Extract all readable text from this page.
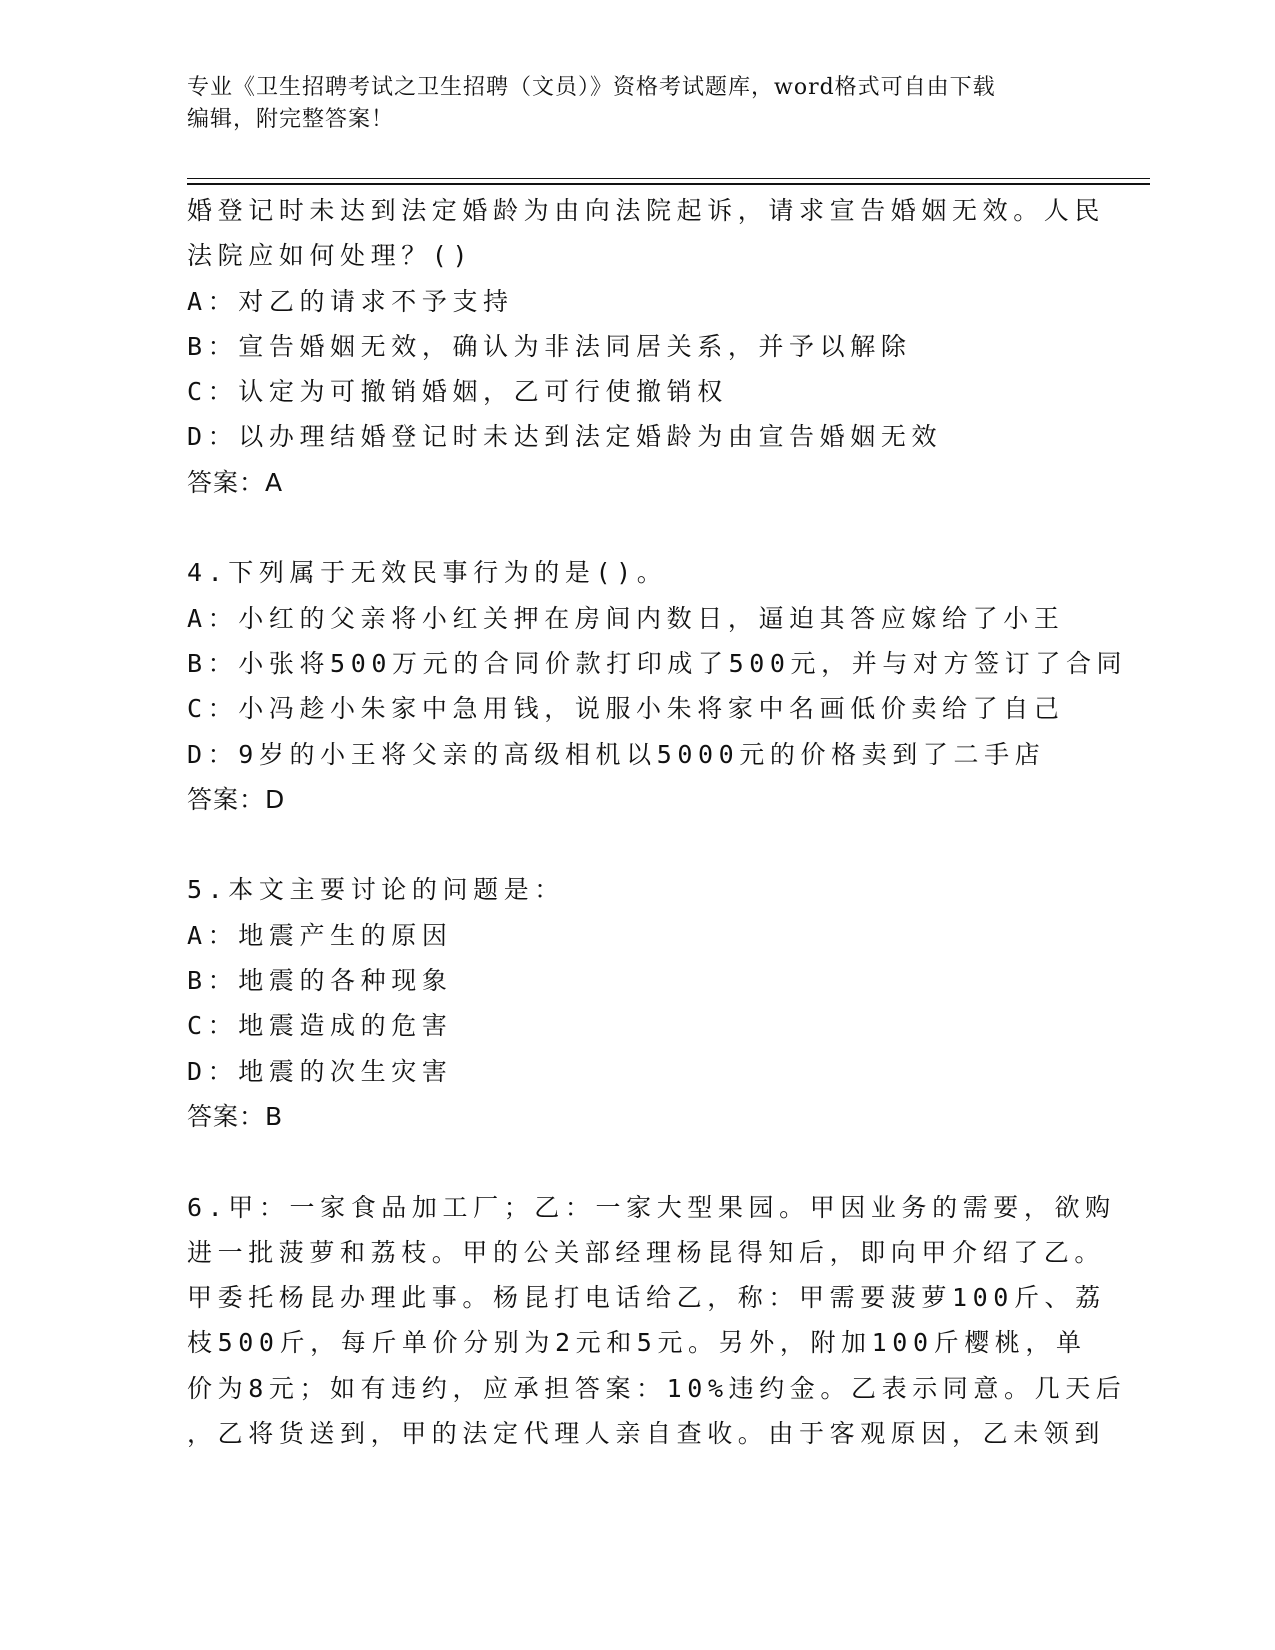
专业《卫生招聘考试之卫生招聘（文员）》资格考试题库，word格式可自由下载
编辑，附完整答案！
婚登记时未达到法定婚龄为由向法院起诉，请求宣告婚姻无效。人民
法院应如何处理？()
A：对乙的请求不予支持
B：宣告婚姻无效，确认为非法同居关系，并予以解除
C：认定为可撤销婚姻，乙可行使撤销权
D：以办理结婚登记时未达到法定婚龄为由宣告婚姻无效
答案：A
4.下列属于无效民事行为的是()。
A：小红的父亲将小红关押在房间内数日，逼迫其答应嫁给了小王
B：小张将500万元的合同价款打印成了500元，并与对方签订了合同
C：小冯趁小朱家中急用钱，说服小朱将家中名画低价卖给了自己
D：9岁的小王将父亲的高级相机以5000元的价格卖到了二手店
答案：D
5.本文主要讨论的问题是：
A：地震产生的原因
B：地震的各种现象
C：地震造成的危害
D：地震的次生灾害
答案：B
6.甲：一家食品加工厂；乙：一家大型果园。甲因业务的需要，欲购
进一批菠萝和荔枝。甲的公关部经理杨昆得知后，即向甲介绍了乙。
甲委托杨昆办理此事。杨昆打电话给乙，称：甲需要菠萝100斤、荔
枝500斤，每斤单价分别为2元和5元。另外，附加100斤樱桃，单
价为8元；如有违约，应承担答案：10%违约金。乙表示同意。几天后
，乙将货送到，甲的法定代理人亲自查收。由于客观原因，乙未领到
